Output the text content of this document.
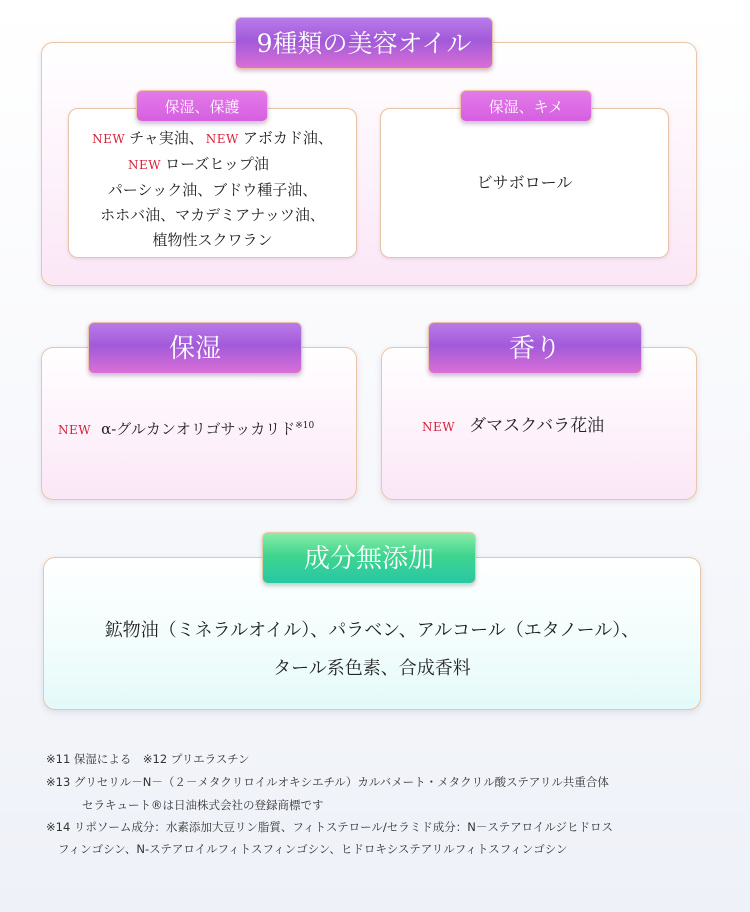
9種類の美容オイル
保湿、保護
NEW チャ実油、 NEW アボカド油、
NEW ローズヒップ油
パーシック油、ブドウ種子油、
ホホバ油、マカデミアナッツ油、
植物性スクワラン
保湿、キメ
ビサボロール
保湿
NEW α-グルカンオリゴサッカリド$^{※10}$
香り
NEW ダマスクバラ花油
成分無添加
鉱物油（ミネラルオイル）、パラベン、アルコール（エタノール）、
タール系色素、合成香料
※11 保湿による　※12 プリエラスチン
※13 グリセリル－N－（２－メタクリロイルオキシエチル）カルバメート・メタクリル酸ステアリル共重合体
セラキュート®は日油株式会社の登録商標です
※14 リポソーム成分：水素添加大豆リン脂質、フィトステロール/セラミド成分：N－ステアロイルジヒドロス
フィンゴシン、N-ステアロイルフィトスフィンゴシン、ヒドロキシステアリルフィトスフィンゴシン
